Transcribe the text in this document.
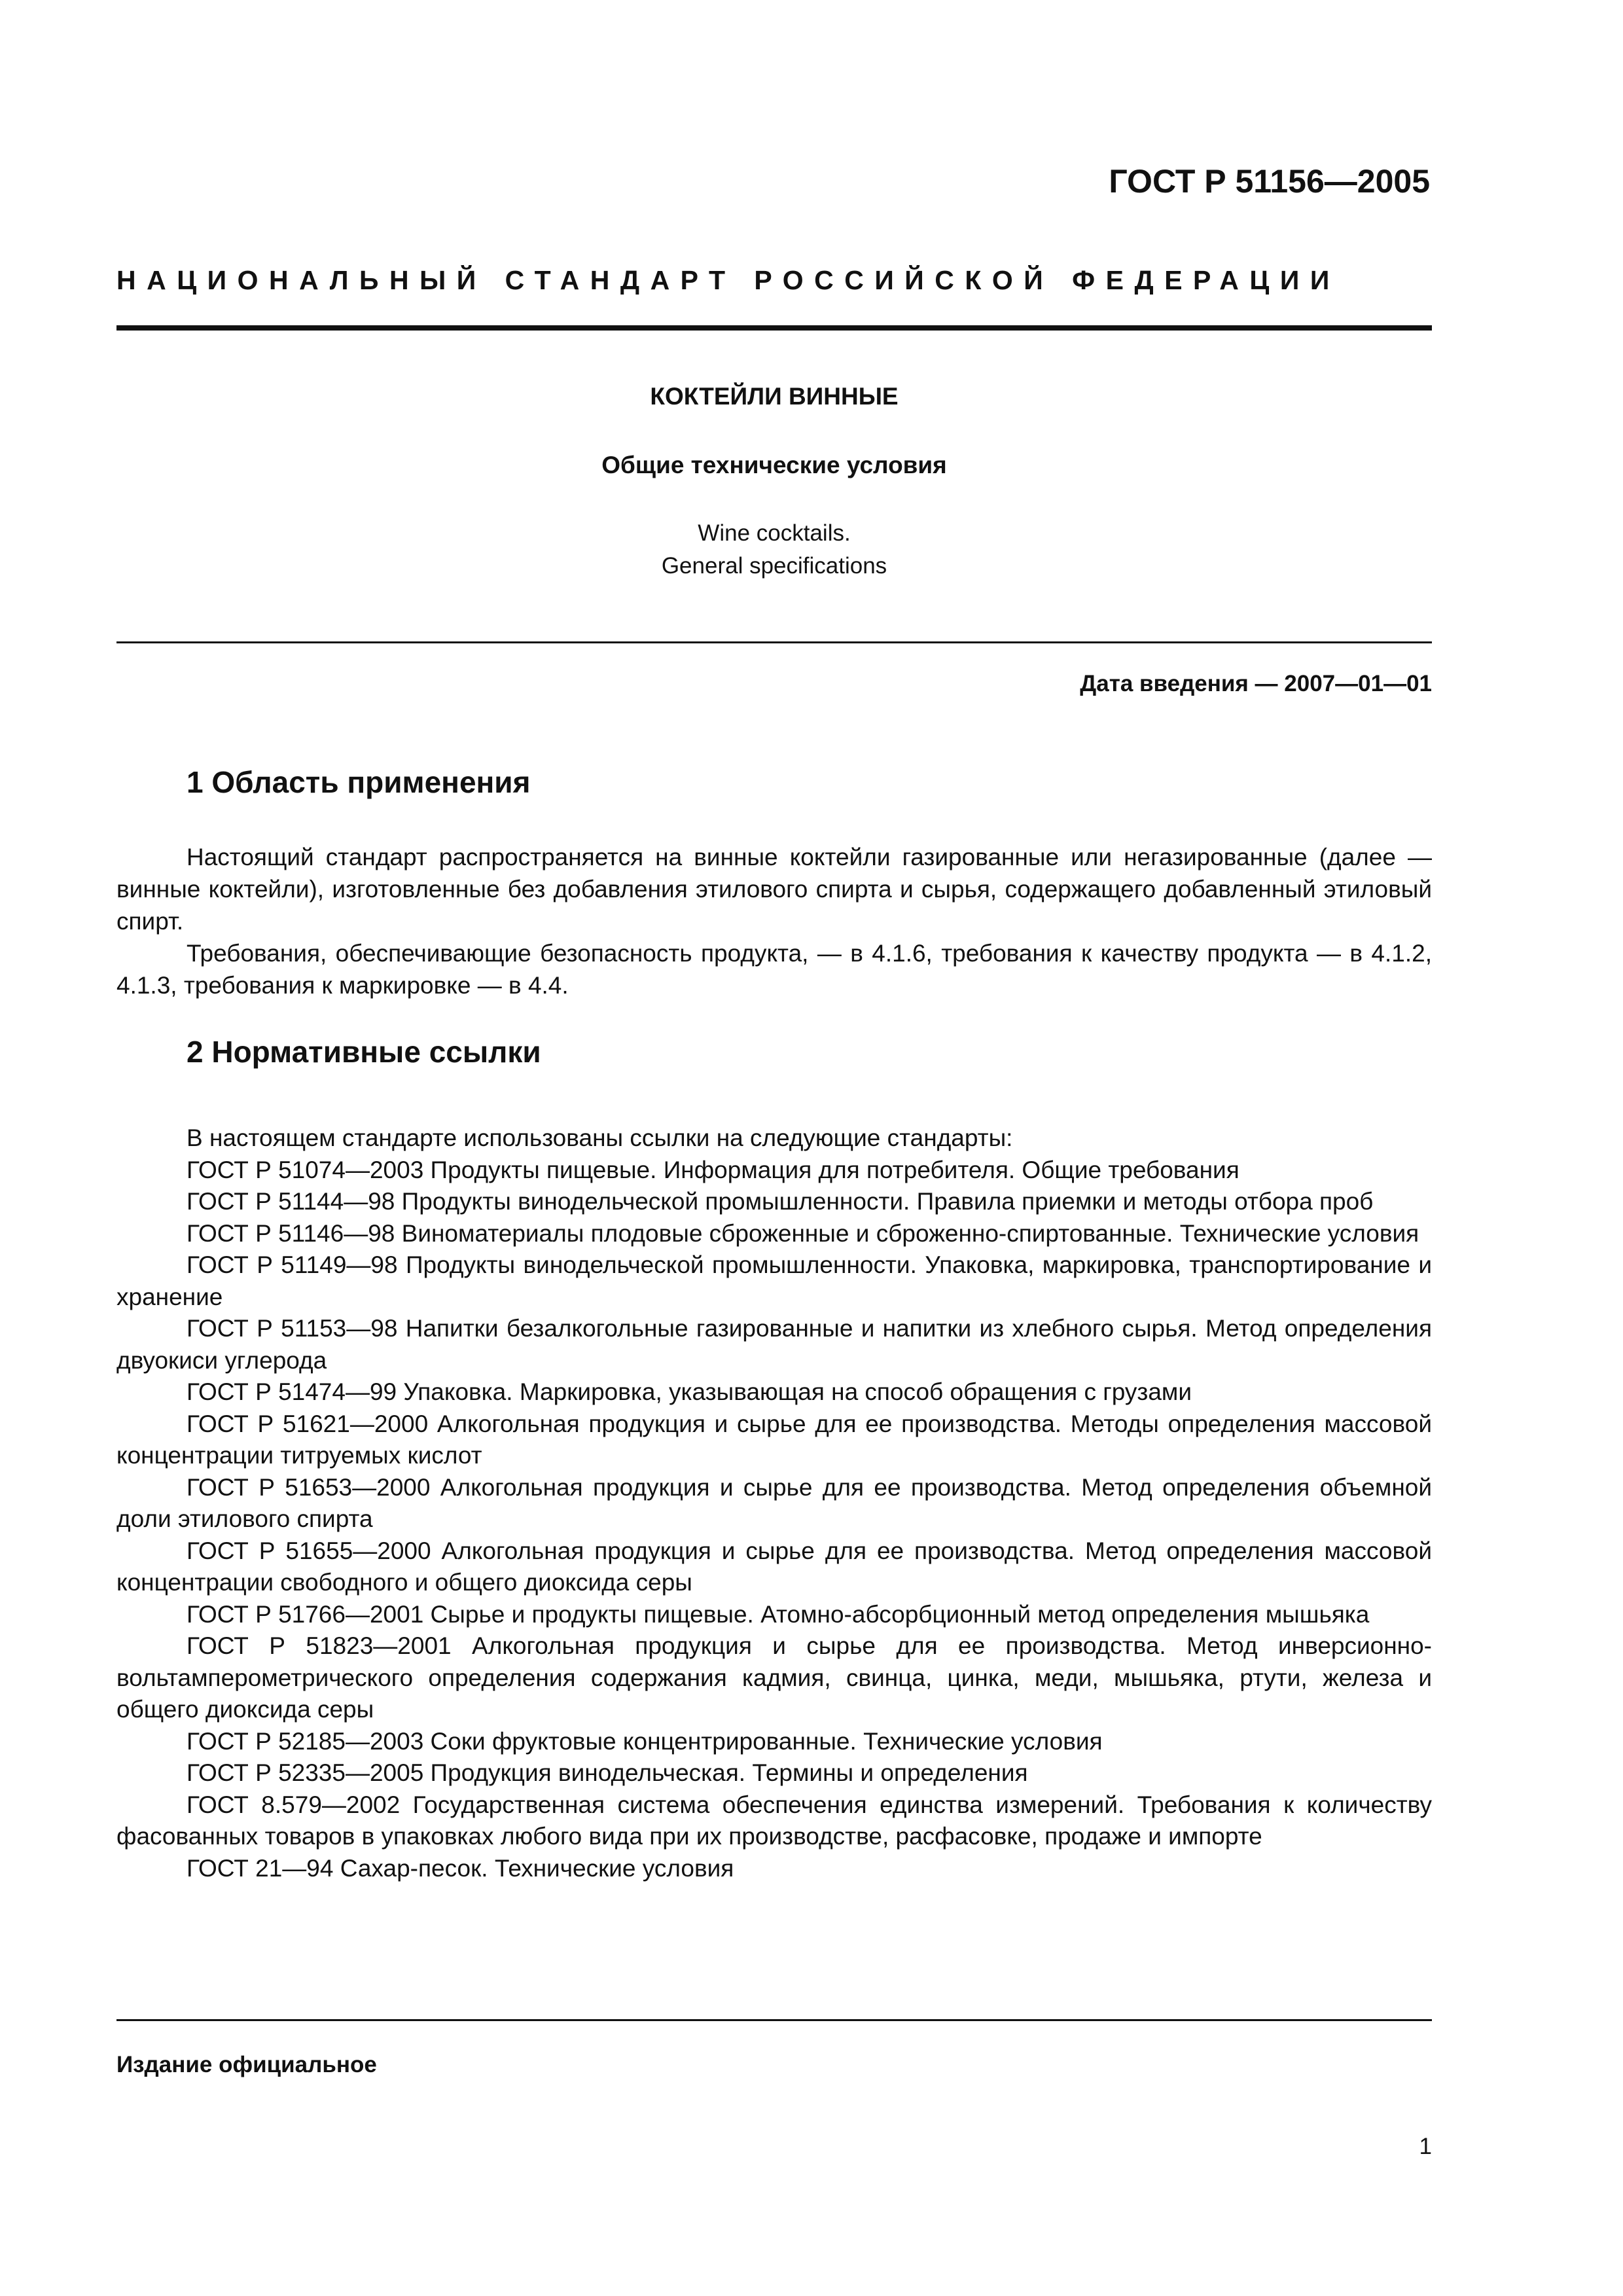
ГОСТ Р 51156—2005
НАЦИОНАЛЬНЫЙ СТАНДАРТ РОССИЙСКОЙ ФЕДЕРАЦИИ
КОКТЕЙЛИ ВИННЫЕ
Общие технические условия
Wine cocktails.
General specifications
Дата введения — 2007—01—01
1 Область применения

Настоящий стандарт распространяется на винные коктейли газированные или негазированные (далее — винные коктейли), изготовленные без добавления этилового спирта и сырья, содержащего добавленный этиловый спирт.

Требования, обеспечивающие безопасность продукта, — в 4.1.6, требования к качеству продукта — в 4.1.2, 4.1.3, требования к маркировке — в 4.4.

2 Нормативные ссылки

В настоящем стандарте использованы ссылки на следующие стандарты:

ГОСТ Р 51074—2003 Продукты пищевые. Информация для потребителя. Общие требования

ГОСТ Р 51144—98 Продукты винодельческой промышленности. Правила приемки и методы отбора проб

ГОСТ Р 51146—98 Виноматериалы плодовые сброженные и сброженно-спиртованные. Технические условия

ГОСТ Р 51149—98 Продукты винодельческой промышленности. Упаковка, маркировка, транспортирование и хранение

ГОСТ Р 51153—98 Напитки безалкогольные газированные и напитки из хлебного сырья. Метод определения двуокиси углерода

ГОСТ Р 51474—99 Упаковка. Маркировка, указывающая на способ обращения с грузами

ГОСТ Р 51621—2000 Алкогольная продукция и сырье для ее производства. Методы определения массовой концентрации титруемых кислот

ГОСТ Р 51653—2000 Алкогольная продукция и сырье для ее производства. Метод определения объемной доли этилового спирта

ГОСТ Р 51655—2000 Алкогольная продукция и сырье для ее производства. Метод определения массовой концентрации свободного и общего диоксида серы

ГОСТ Р 51766—2001 Сырье и продукты пищевые. Атомно-абсорбционный метод определения мышьяка

ГОСТ Р 51823—2001 Алкогольная продукция и сырье для ее производства. Метод инверсионно-вольтамперометрического определения содержания кадмия, свинца, цинка, меди, мышьяка, ртути, железа и общего диоксида серы

ГОСТ Р 52185—2003 Соки фруктовые концентрированные. Технические условия

ГОСТ Р 52335—2005 Продукция винодельческая. Термины и определения

ГОСТ 8.579—2002 Государственная система обеспечения единства измерений. Требования к количеству фасованных товаров в упаковках любого вида при их производстве, расфасовке, продаже и импорте

ГОСТ 21—94 Сахар-песок. Технические условия

Издание официальное
1
